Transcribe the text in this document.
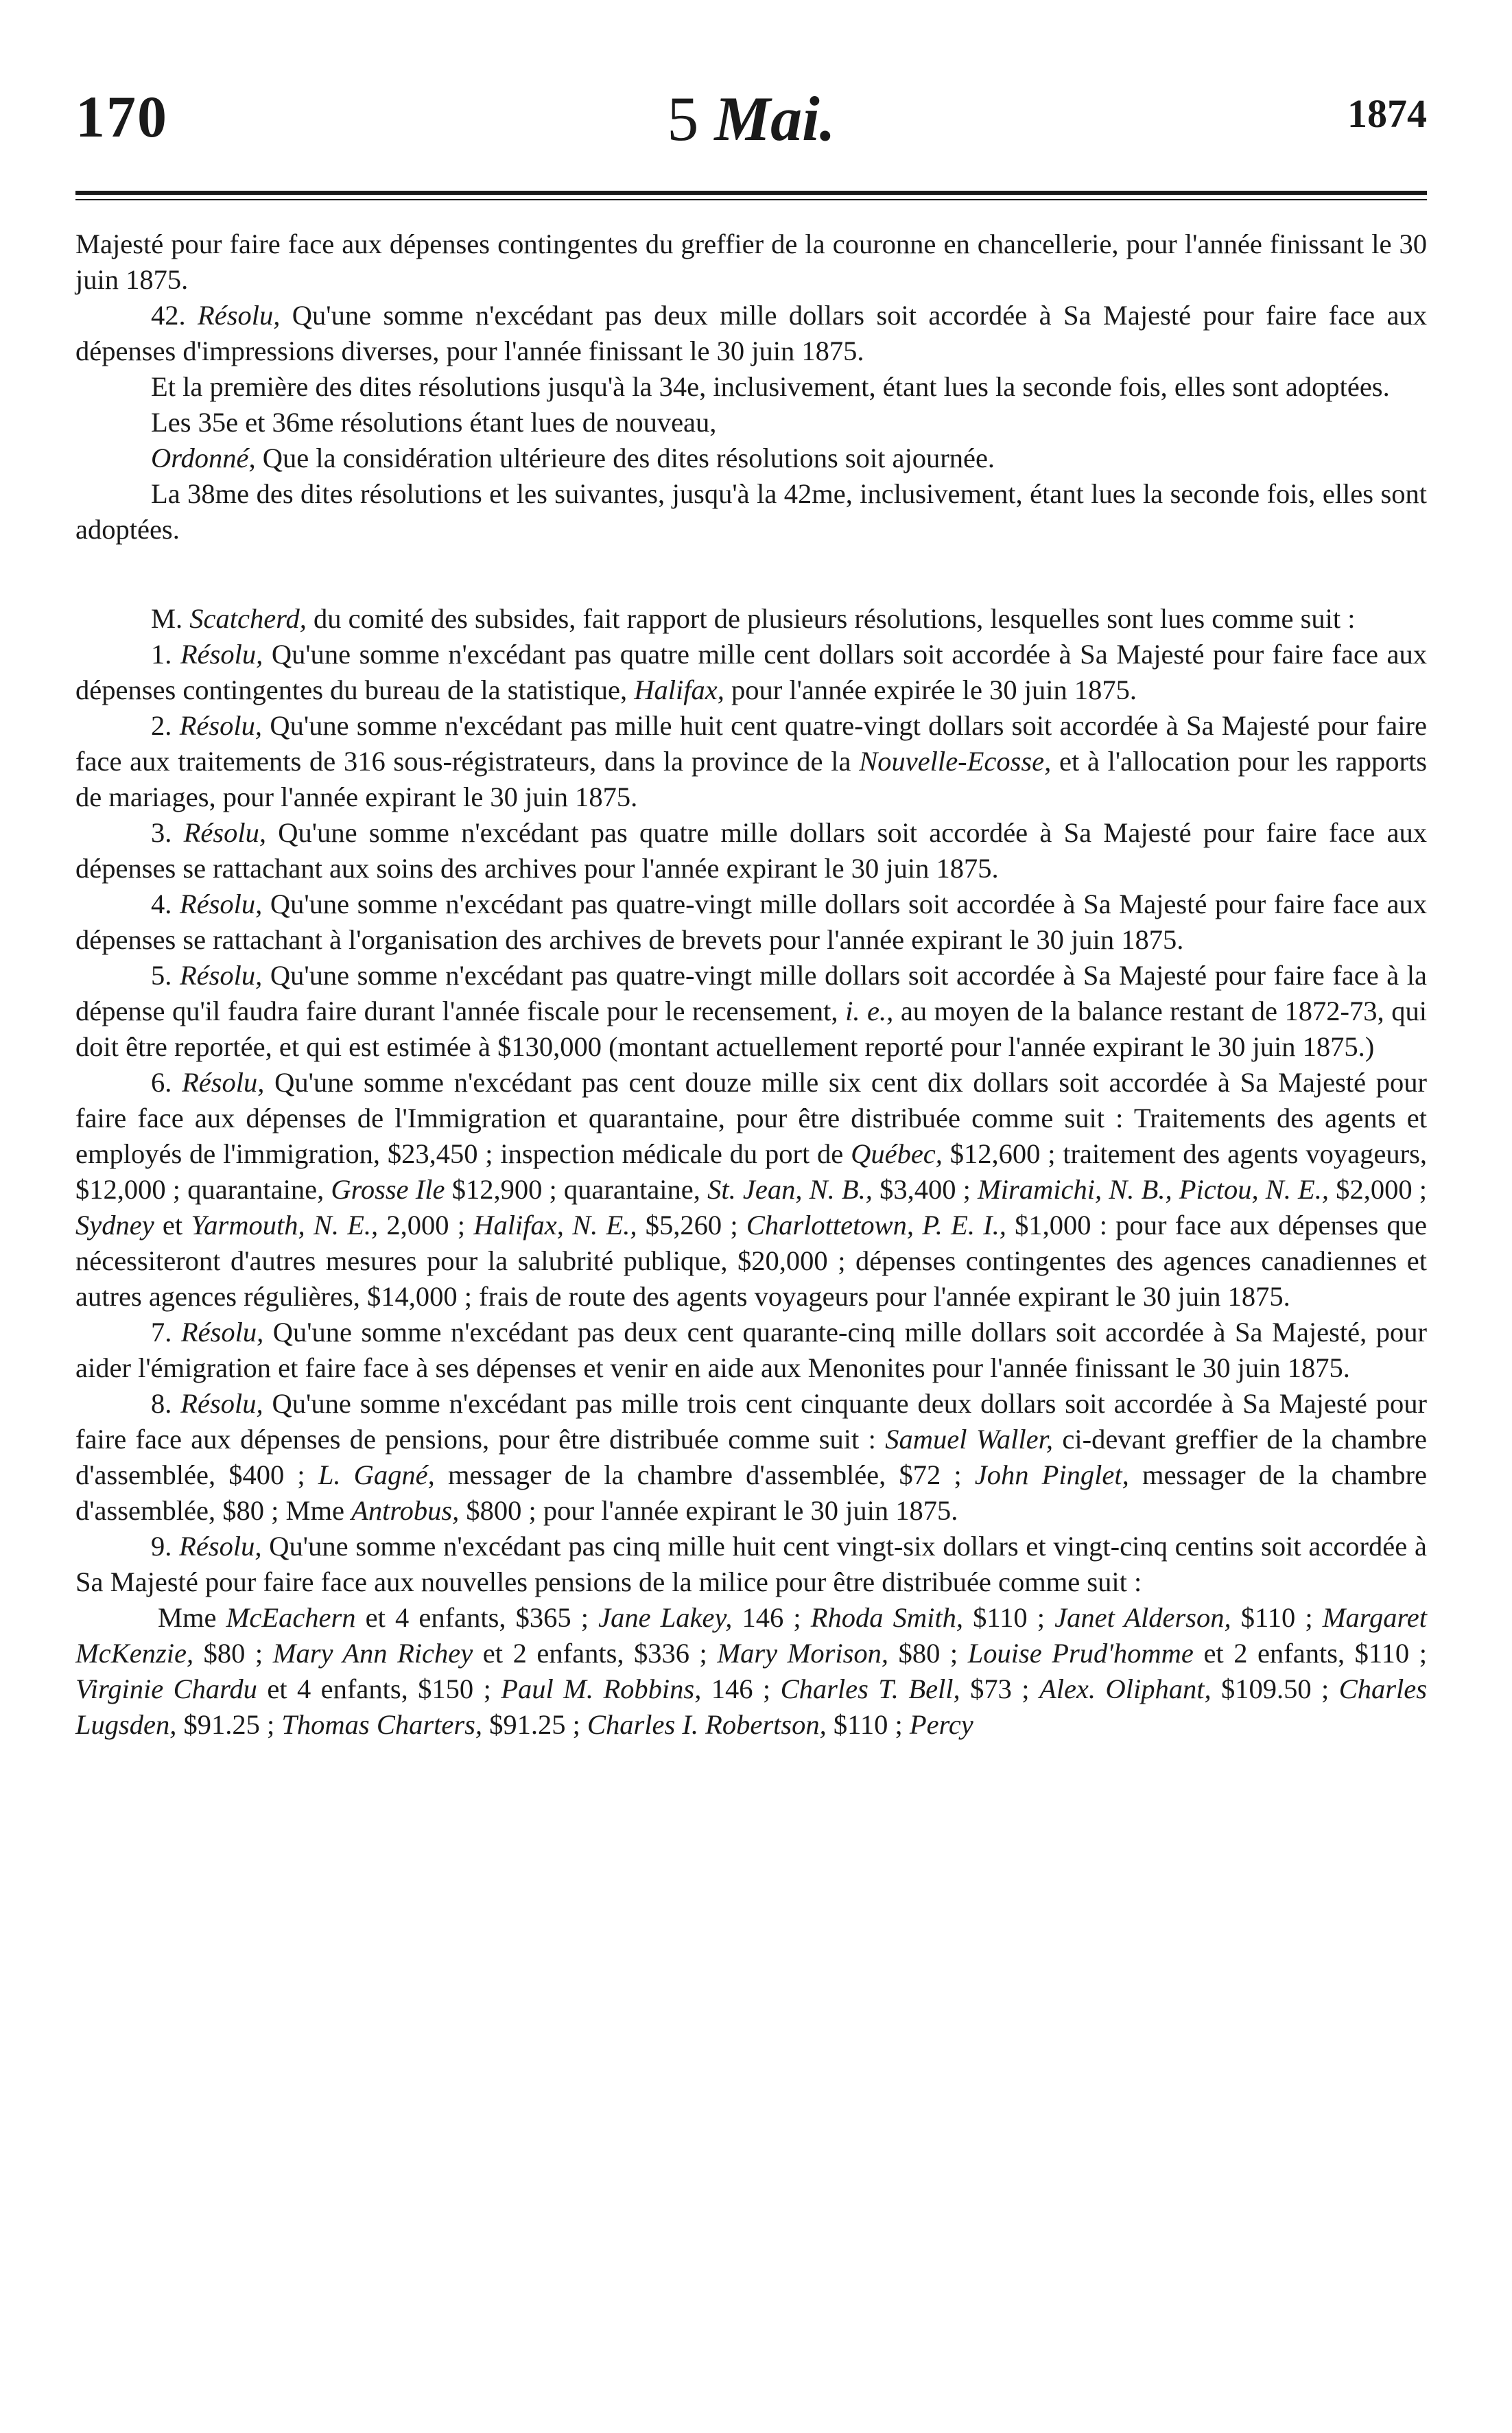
170	5 Mai.	1874

Majesté pour faire face aux dépenses contingentes du greffier de la couronne en chancellerie, pour l'année finissant le 30 juin 1875.

42. Résolu, Qu'une somme n'excédant pas deux mille dollars soit accordée à Sa Majesté pour faire face aux dépenses d'impressions diverses, pour l'année finissant le 30 juin 1875.

Et la première des dites résolutions jusqu'à la 34e, inclusivement, étant lues la seconde fois, elles sont adoptées.

Les 35e et 36me résolutions étant lues de nouveau,

Ordonné, Que la considération ultérieure des dites résolutions soit ajournée.

La 38me des dites résolutions et les suivantes, jusqu'à la 42me, inclusivement, étant lues la seconde fois, elles sont adoptées.

M. Scatcherd, du comité des subsides, fait rapport de plusieurs résolutions, lesquelles sont lues comme suit :

1. Résolu, Qu'une somme n'excédant pas quatre mille cent dollars soit accordée à Sa Majesté pour faire face aux dépenses contingentes du bureau de la statistique, Halifax, pour l'année expirée le 30 juin 1875.

2. Résolu, Qu'une somme n'excédant pas mille huit cent quatre-vingt dollars soit accordée à Sa Majesté pour faire face aux traitements de 316 sous-régistrateurs, dans la province de la Nouvelle-Ecosse, et à l'allocation pour les rapports de mariages, pour l'année expirant le 30 juin 1875.

3. Résolu, Qu'une somme n'excédant pas quatre mille dollars soit accordée à Sa Majesté pour faire face aux dépenses se rattachant aux soins des archives pour l'année expirant le 30 juin 1875.

4. Résolu, Qu'une somme n'excédant pas quatre-vingt mille dollars soit accordée à Sa Majesté pour faire face aux dépenses se rattachant à l'organisation des archives de brevets pour l'année expirant le 30 juin 1875.

5. Résolu, Qu'une somme n'excédant pas quatre-vingt mille dollars soit accordée à Sa Majesté pour faire face à la dépense qu'il faudra faire durant l'année fiscale pour le recensement, i. e., au moyen de la balance restant de 1872-73, qui doit être reportée, et qui est estimée à $130,000 (montant actuellement reporté pour l'année expirant le 30 juin 1875.)

6. Résolu, Qu'une somme n'excédant pas cent douze mille six cent dix dollars soit accordée à Sa Majesté pour faire face aux dépenses de l'Immigration et quarantaine, pour être distribuée comme suit : Traitements des agents et employés de l'immigration, $23,450 ; inspection médicale du port de Québec, $12,600 ; traitement des agents voyageurs, $12,000 ; quarantaine, Grosse Ile $12,900 ; quarantaine, St. Jean, N. B., $3,400 ; Miramichi, N. B., Pictou, N. E., $2,000 ; Sydney et Yarmouth, N. E., 2,000 ; Halifax, N. E., $5,260 ; Charlottetown, P. E. I., $1,000 : pour face aux dépenses que nécessiteront d'autres mesures pour la salubrité publique, $20,000 ; dépenses contingentes des agences canadiennes et autres agences régulières, $14,000 ; frais de route des agents voyageurs pour l'année expirant le 30 juin 1875.

7. Résolu, Qu'une somme n'excédant pas deux cent quarante-cinq mille dollars soit accordée à Sa Majesté, pour aider l'émigration et faire face à ses dépenses et venir en aide aux Menonites pour l'année finissant le 30 juin 1875.

8. Résolu, Qu'une somme n'excédant pas mille trois cent cinquante deux dollars soit accordée à Sa Majesté pour faire face aux dépenses de pensions, pour être distribuée comme suit : Samuel Waller, ci-devant greffier de la chambre d'assemblée, $400 ; L. Gagné, messager de la chambre d'assemblée, $72 ; John Pinglet, messager de la chambre d'assemblée, $80 ; Mme Antrobus, $800 ; pour l'année expirant le 30 juin 1875.

9. Résolu, Qu'une somme n'excédant pas cinq mille huit cent vingt-six dollars et vingt-cinq centins soit accordée à Sa Majesté pour faire face aux nouvelles pensions de la milice pour être distribuée comme suit :

Mme McEachern et 4 enfants, $365 ; Jane Lakey, 146 ; Rhoda Smith, $110 ; Janet Alderson, $110 ; Margaret McKenzie, $80 ; Mary Ann Richey et 2 enfants, $336 ; Mary Morison, $80 ; Louise Prud'homme et 2 enfants, $110 ; Virginie Chardu et 4 enfants, $150 ; Paul M. Robbins, 146 ; Charles T. Bell, $73 ; Alex. Oliphant, $109.50 ; Charles Lugsden, $91.25 ; Thomas Charters, $91.25 ; Charles I. Robertson, $110 ; Percy
